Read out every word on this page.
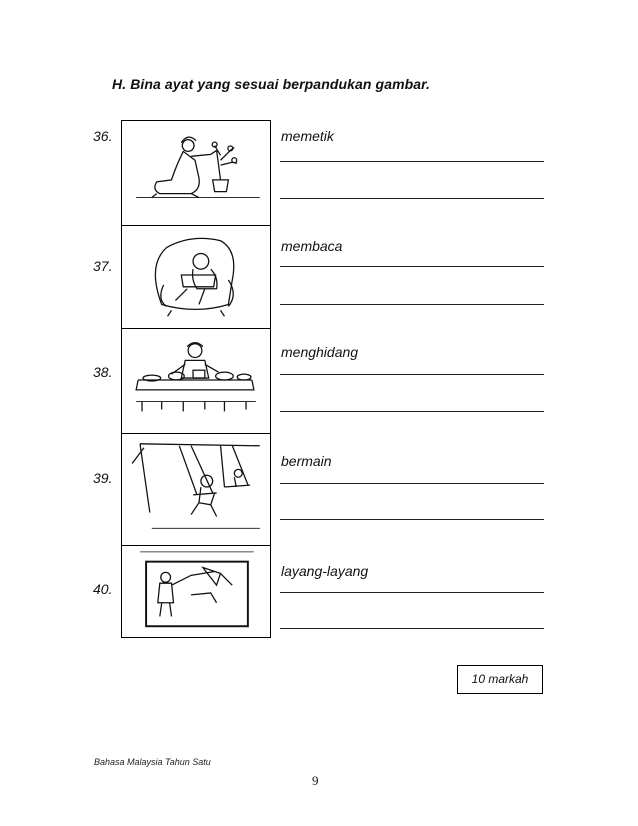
H. Bina ayat yang sesuai berpandukan gambar.
36.	memetik
37.
membaca
38.
menghidang
39.
bermain
40.
layang-layang
10 markah
Bahasa Malaysia Tahun Satu
9
